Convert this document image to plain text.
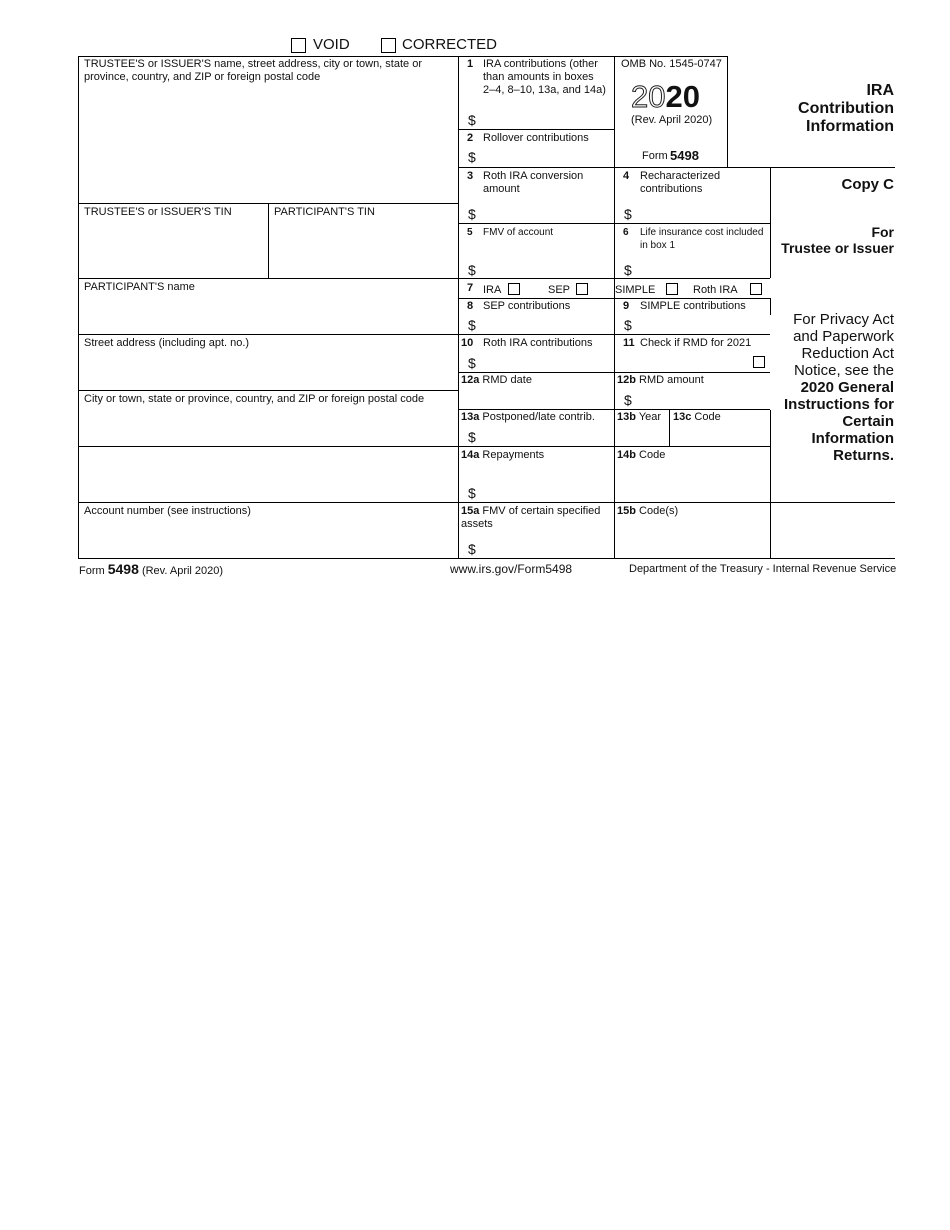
VOID	CORRECTED
TRUSTEE'S or ISSUER'S name, street address, city or town, state or province, country, and ZIP or foreign postal code
TRUSTEE'S or ISSUER'S TIN	PARTICIPANT'S TIN
PARTICIPANT'S name
Street address (including apt. no.)
City or town, state or province, country, and ZIP or foreign postal code
Account number (see instructions)
1 IRA contributions (other than amounts in boxes 2–4, 8–10, 13a, and 14a)
$
2 Rollover contributions
$
OMB No. 1545-0747
2020
(Rev. April 2020)
Form 5498
IRA
Contribution
Information
3 Roth IRA conversion amount
$
4 Recharacterized contributions
$
Copy C
For
Trustee or Issuer
5 FMV of account
$
6 Life insurance cost included in box 1
$
7 IRA	SEP	SIMPLE	Roth IRA
8 SEP contributions
$
9 SIMPLE contributions
$
10 Roth IRA contributions
$
11 Check if RMD for 2021
12a RMD date	12b RMD amount
$
13a Postponed/late contrib.
$
13b Year 13c Code
14a Repayments
$
14b Code
15a FMV of certain specified assets
$
15b Code(s)
For Privacy Act
and Paperwork
Reduction Act
Notice, see the
2020 General
Instructions for
Certain
Information
Returns.
Form 5498 (Rev. April 2020)	www.irs.gov/Form5498	Department of the Treasury - Internal Revenue Service
